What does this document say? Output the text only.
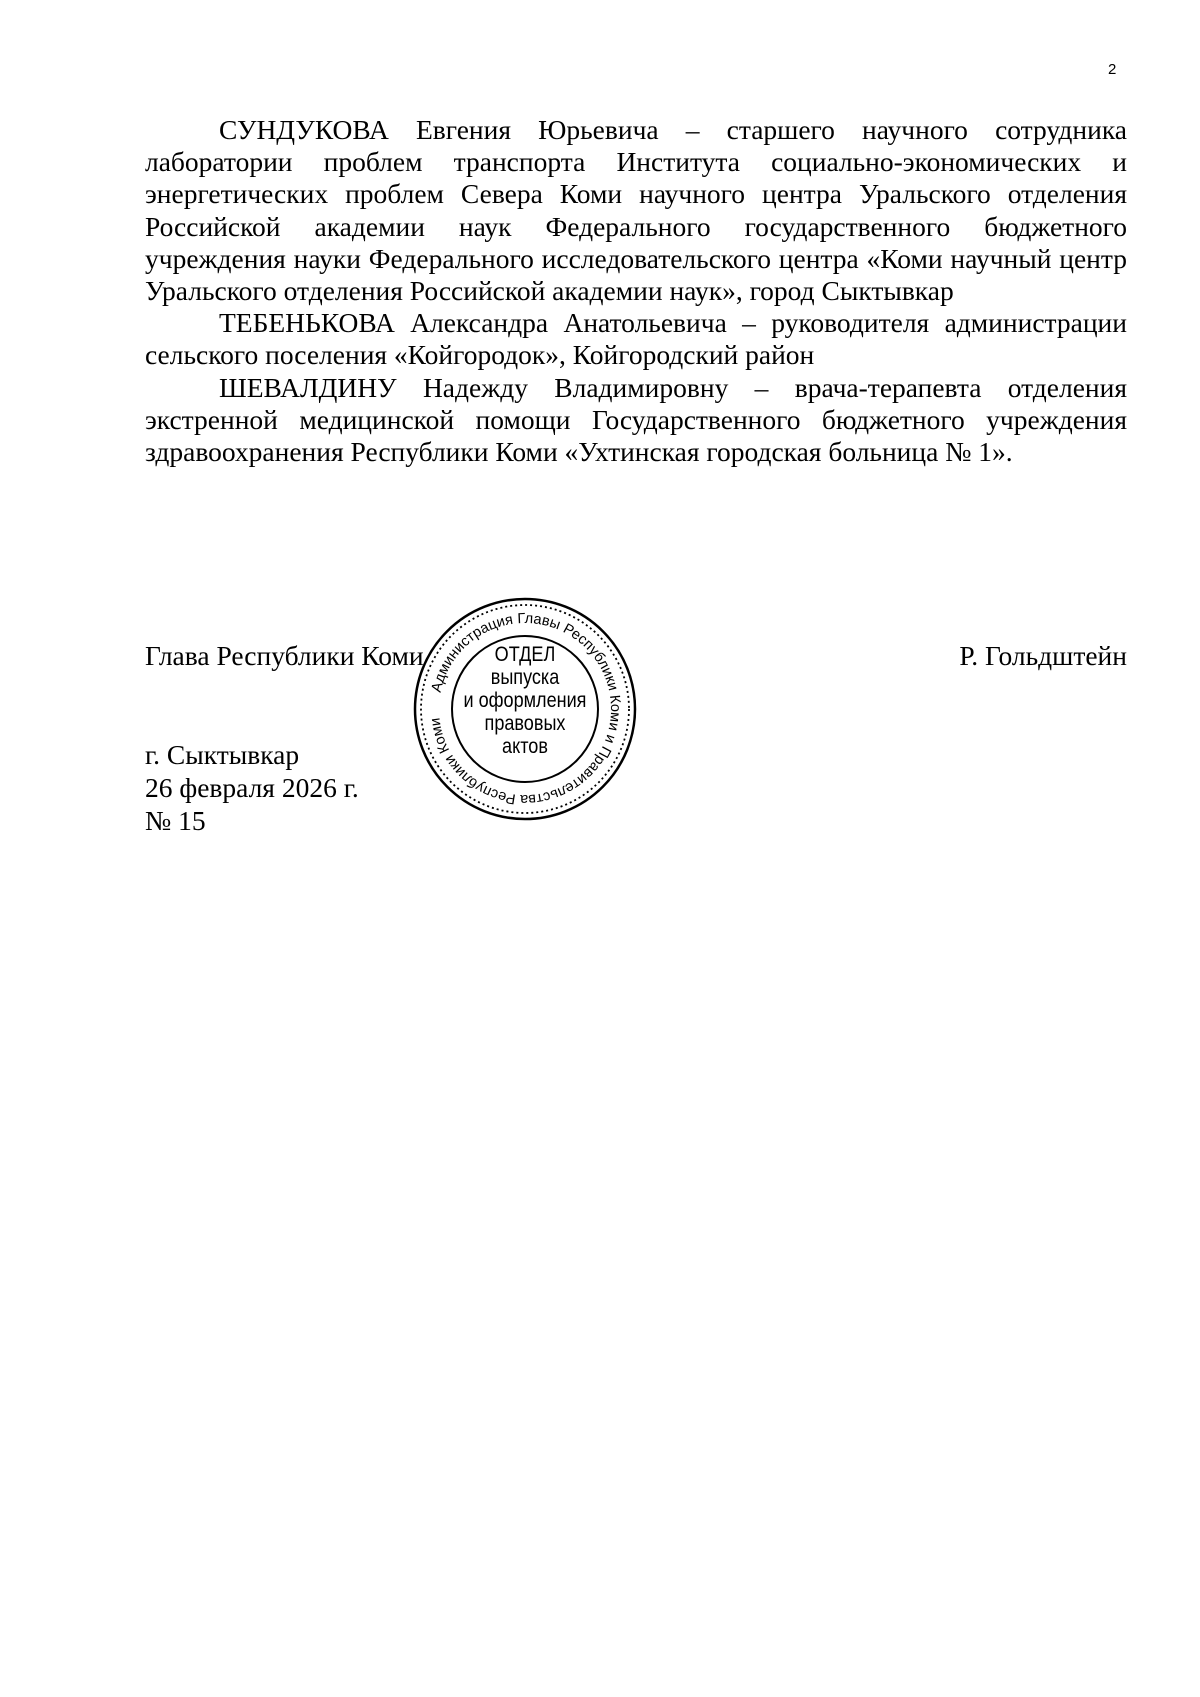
2

СУНДУКОВА Евгения Юрьевича – старшего научного сотрудника лаборатории проблем транспорта Института социально-экономических и энергетических проблем Севера Коми научного центра Уральского отделения Российской академии наук Федерального государственного бюджетного учреждения науки Федерального исследовательского центра «Коми научный центр Уральского отделения Российской академии наук», город Сыктывкар

ТЕБЕНЬКОВА Александра Анатольевича – руководителя администрации сельского поселения «Койгородок», Койгородский район

ШЕВАЛДИНУ Надежду Владимировну – врача-терапевта отделения экстренной медицинской помощи Государственного бюджетного учреждения здравоохранения Республики Коми «Ухтинская городская больница № 1».

Глава Республики Коми	Р. Гольдштейн
Администрация Главы Республики Коми и Правительства Республики Коми
ОТДЕЛ
выпуска
и оформления
правовых
актов
г. Сыктывкар
26 февраля 2026 г.
№ 15
